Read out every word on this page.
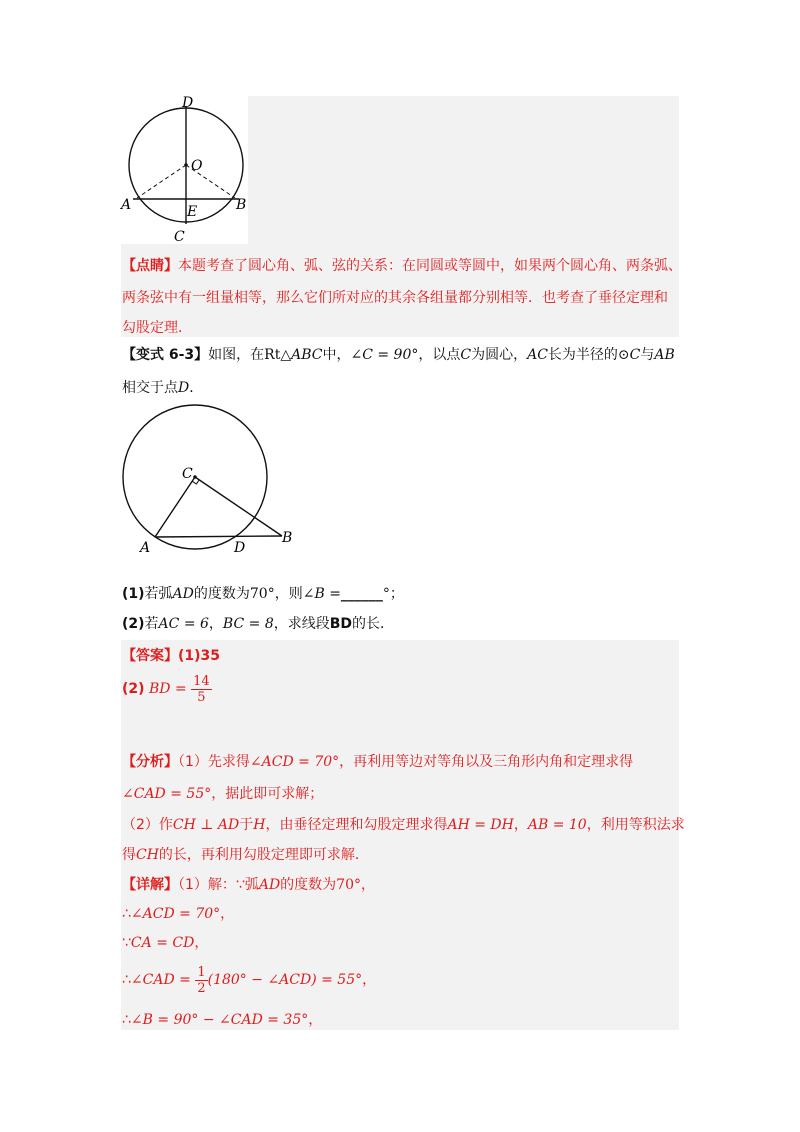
D
O
A	E	B
C
【点睛】本题考查了圆心角、弧、弦的关系：在同圆或等圆中，如果两个圆心角、两条弧、
两条弦中有一组量相等，那么它们所对应的其余各组量都分别相等．也考查了垂径定理和
勾股定理．
【变式 6-3】如图，在Rt△ABC中，∠C = 90°，以点C为圆心，AC长为半径的⊙C与AB
相交于点D．
C
A	D
B
(1)若弧AD的度数为70°，则∠B =______°；
(2)若AC = 6，BC = 8，求线段BD的长．
【答案】(1)35
(2) BD = $\frac{14}{5}$
【分析】（1）先求得∠ACD = 70°，再利用等边对等角以及三角形内角和定理求得
∠CAD = 55°，据此即可求解；
（2）作CH ⊥ AD于H，由垂径定理和勾股定理求得AH = DH，AB = 10，利用等积法求
得CH的长，再利用勾股定理即可求解．
【详解】（1）解：∵弧AD的度数为70°，
∴∠ACD = 70°，
∵CA = CD，
∴∠CAD = $\frac{1}{2} (180^\circ$ − ∠ACD) = 55°，
∴∠B = 90° − ∠CAD = 35°，
